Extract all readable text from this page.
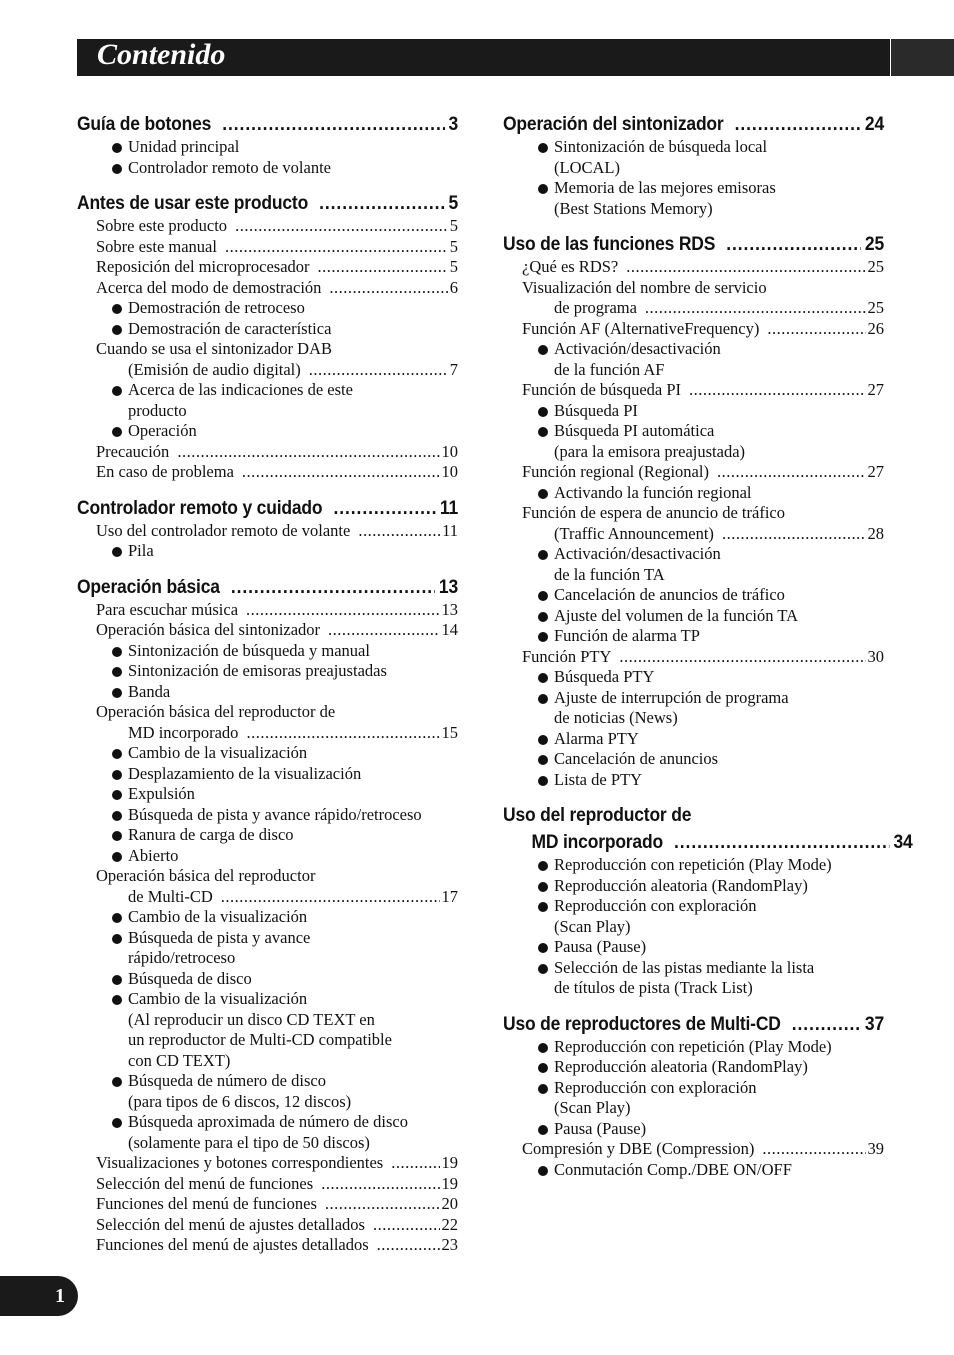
Contenido
Guía de botones .....	3
Unidad principal
Controlador remoto de volante
Antes de usar este producto .....	5
Sobre este producto .....	5
Sobre este manual .....	5
Reposición del microprocesador .....	5
Acerca del modo de demostración .....	6
Demostración de retroceso
Demostración de característica
Cuando se usa el sintonizador DAB
(Emisión de audio digital) .....	7
Acerca de las indicaciones de este
producto
Operación
Precaución .....	10
En caso de problema .....	10
Controlador remoto y cuidado .....	11
Uso del controlador remoto de volante .....	11
Pila
Operación básica .....	13
Para escuchar música .....	13
Operación básica del sintonizador .....	14
Sintonización de búsqueda y manual
Sintonización de emisoras preajustadas
Banda
Operación básica del reproductor de
MD incorporado .....	15
Cambio de la visualización
Desplazamiento de la visualización
Expulsión
Búsqueda de pista y avance rápido/retroceso
Ranura de carga de disco
Abierto
Operación básica del reproductor
de Multi-CD .....	17
Cambio de la visualización
Búsqueda de pista y avance
rápido/retroceso
Búsqueda de disco
Cambio de la visualización
(Al reproducir un disco CD TEXT en
un reproductor de Multi-CD compatible
con CD TEXT)
Búsqueda de número de disco
(para tipos de 6 discos, 12 discos)
Búsqueda aproximada de número de disco
(solamente para el tipo de 50 discos)
Visualizaciones y botones correspondientes .....	19
Selección del menú de funciones .....	19
Funciones del menú de funciones .....	20
Selección del menú de ajustes detallados .....	22
Funciones del menú de ajustes detallados .....	23
Operación del sintonizador .....	24
Sintonización de búsqueda local
(LOCAL)
Memoria de las mejores emisoras
(Best Stations Memory)
Uso de las funciones RDS .....	25
¿Qué es RDS? .....	25
Visualización del nombre de servicio
de programa .....	25
Función AF (AlternativeFrequency) .....	26
Activación/desactivación
de la función AF
Función de búsqueda PI .....	27
Búsqueda PI
Búsqueda PI automática
(para la emisora preajustada)
Función regional (Regional) .....	27
Activando la función regional
Función de espera de anuncio de tráfico
(Traffic Announcement) .....	28
Activación/desactivación
de la función TA
Cancelación de anuncios de tráfico
Ajuste del volumen de la función TA
Función de alarma TP
Función PTY .....	30
Búsqueda PTY
Ajuste de interrupción de programa
de noticias (News)
Alarma PTY
Cancelación de anuncios
Lista de PTY
Uso del reproductor de
MD incorporado .....	34
Reproducción con repetición (Play Mode)
Reproducción aleatoria (RandomPlay)
Reproducción con exploración
(Scan Play)
Pausa (Pause)
Selección de las pistas mediante la lista
de títulos de pista (Track List)
Uso de reproductores de Multi-CD .....	37
Reproducción con repetición (Play Mode)
Reproducción aleatoria (RandomPlay)
Reproducción con exploración
(Scan Play)
Pausa (Pause)
Compresión y DBE (Compression) .....	39
Conmutación Comp./DBE ON/OFF
1
